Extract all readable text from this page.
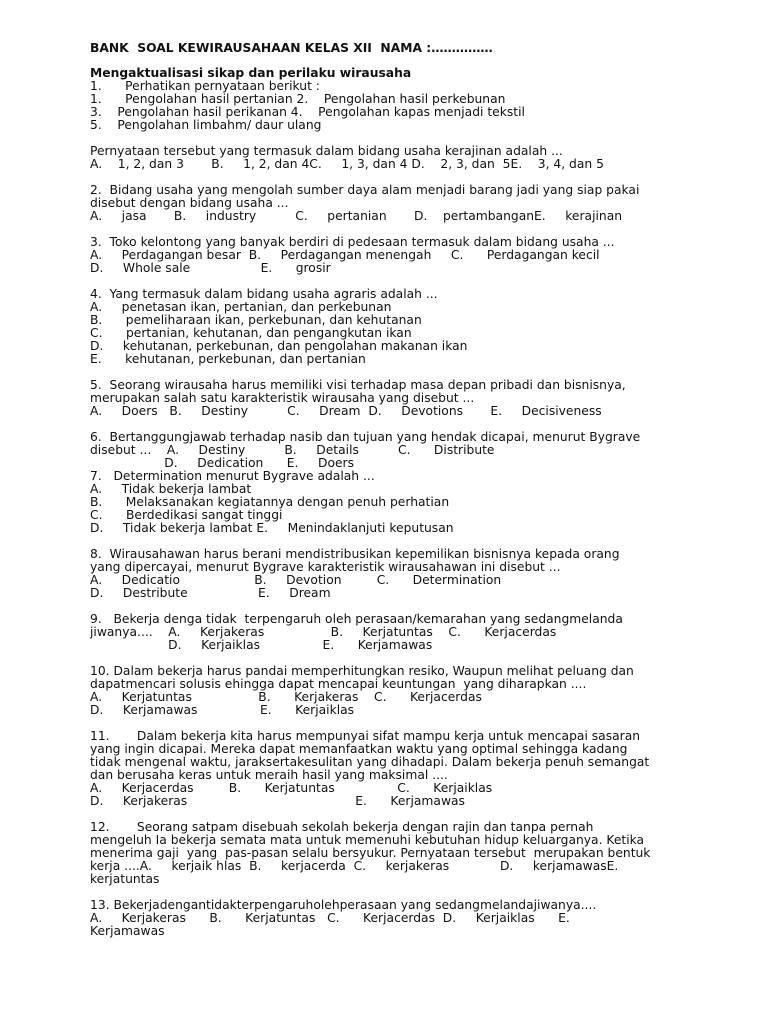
BANK  SOAL KEWIRAUSAHAAN KELAS XII  NAMA :……………
Mengaktualisasi sikap dan perilaku wirausaha
1.      Perhatikan pernyataan berikut :
1.      Pengolahan hasil pertanian 2.    Pengolahan hasil perkebunan
3.    Pengolahan hasil perikanan 4.    Pengolahan kapas menjadi tekstil
5.    Pengolahan limbahm/ daur ulang
Pernyataan tersebut yang termasuk dalam bidang usaha kerajinan adalah ...
A.    1, 2, dan 3       B.     1, 2, dan 4C.     1, 3, dan 4 D.    2, 3, dan  5E.    3, 4, dan 5
2.  Bidang usaha yang mengolah sumber daya alam menjadi barang jadi yang siap pakai
disebut dengan bidang usaha ...
A.     jasa       B.     industry          C.     pertanian       D.    pertambanganE.     kerajinan
3.  Toko kelontong yang banyak berdiri di pedesaan termasuk dalam bidang usaha ...
A.     Perdagangan besar  B.     Perdagangan menengah     C.      Perdagangan kecil
D.     Whole sale                  E.      grosir
4.  Yang termasuk dalam bidang usaha agraris adalah ...
A.     penetasan ikan, pertanian, dan perkebunan
B.      pemeliharaan ikan, perkebunan, dan kehutanan
C.      pertanian, kehutanan, dan pengangkutan ikan
D.     kehutanan, perkebunan, dan pengolahan makanan ikan
E.      kehutanan, perkebunan, dan pertanian
5.  Seorang wirausaha harus memiliki visi terhadap masa depan pribadi dan bisnisnya,
merupakan salah satu karakteristik wirausaha yang disebut ...
A.     Doers   B.     Destiny          C.     Dream  D.     Devotions       E.     Decisiveness
6.  Bertanggungjawab terhadap nasib dan tujuan yang hendak dicapai, menurut Bygrave
disebut ...    A.     Destiny          B.     Details          C.      Distribute
D.     Dedication      E.     Doers
7.   Determination menurut Bygrave adalah ...
A.     Tidak bekerja lambat
B.      Melaksanakan kegiatannya dengan penuh perhatian
C.      Berdedikasi sangat tinggi
D.     Tidak bekerja lambat E.     Menindaklanjuti keputusan
8.  Wirausahawan harus berani mendistribusikan kepemilikan bisnisnya kepada orang
yang dipercayai, menurut Bygrave karakteristik wirausahawan ini disebut ...
A.     Dedicatio                   B.     Devotion         C.      Determination
D.     Destribute                  E.     Dream
9.   Bekerja denga tidak  terpengaruh oleh perasaan/kemarahan yang sedangmelanda
jiwanya....    A.     Kerjakeras                 B.     Kerjatuntas    C.      Kerjacerdas
D.     Kerjaiklas                E.      Kerjamawas
10. Dalam bekerja harus pandai memperhitungkan resiko, Waupun melihat peluang dan
dapatmencari solusis ehingga dapat mencapai keuntungan  yang diharapkan ....
A.     Kerjatuntas                 B.      Kerjakeras    C.      Kerjacerdas
D.     Kerjamawas                E.      Kerjaiklas
11.       Dalam bekerja kita harus mempunyai sifat mampu kerja untuk mencapai sasaran
yang ingin dicapai. Mereka dapat memanfaatkan waktu yang optimal sehingga kadang
tidak mengenal waktu, jaraksertakesulitan yang dihadapi. Dalam bekerja penuh semangat
dan berusaha keras untuk meraih hasil yang maksimal ....
A.     Kerjacerdas         B.      Kerjatuntas                C.      Kerjaiklas
D.     Kerjakeras                                           E.      Kerjamawas
12.       Seorang satpam disebuah sekolah bekerja dengan rajin dan tanpa pernah
mengeluh Ia bekerja semata mata untuk memenuhi kebutuhan hidup keluarganya. Ketika
menerima gaji  yang  pas-pasan selalu bersyukur. Pernyataan tersebut  merupakan bentuk
kerja ....A.     kerjaik hlas  B.     kerjacerda  C.     kerjakeras             D.     kerjamawasE.
kerjatuntas
13. Bekerjadengantidakterpengaruholehperasaan yang sedangmelandajiwanya....
A.     Kerjakeras      B.      Kerjatuntas   C.      Kerjacerdas  D.     Kerjaiklas      E.
Kerjamawas
